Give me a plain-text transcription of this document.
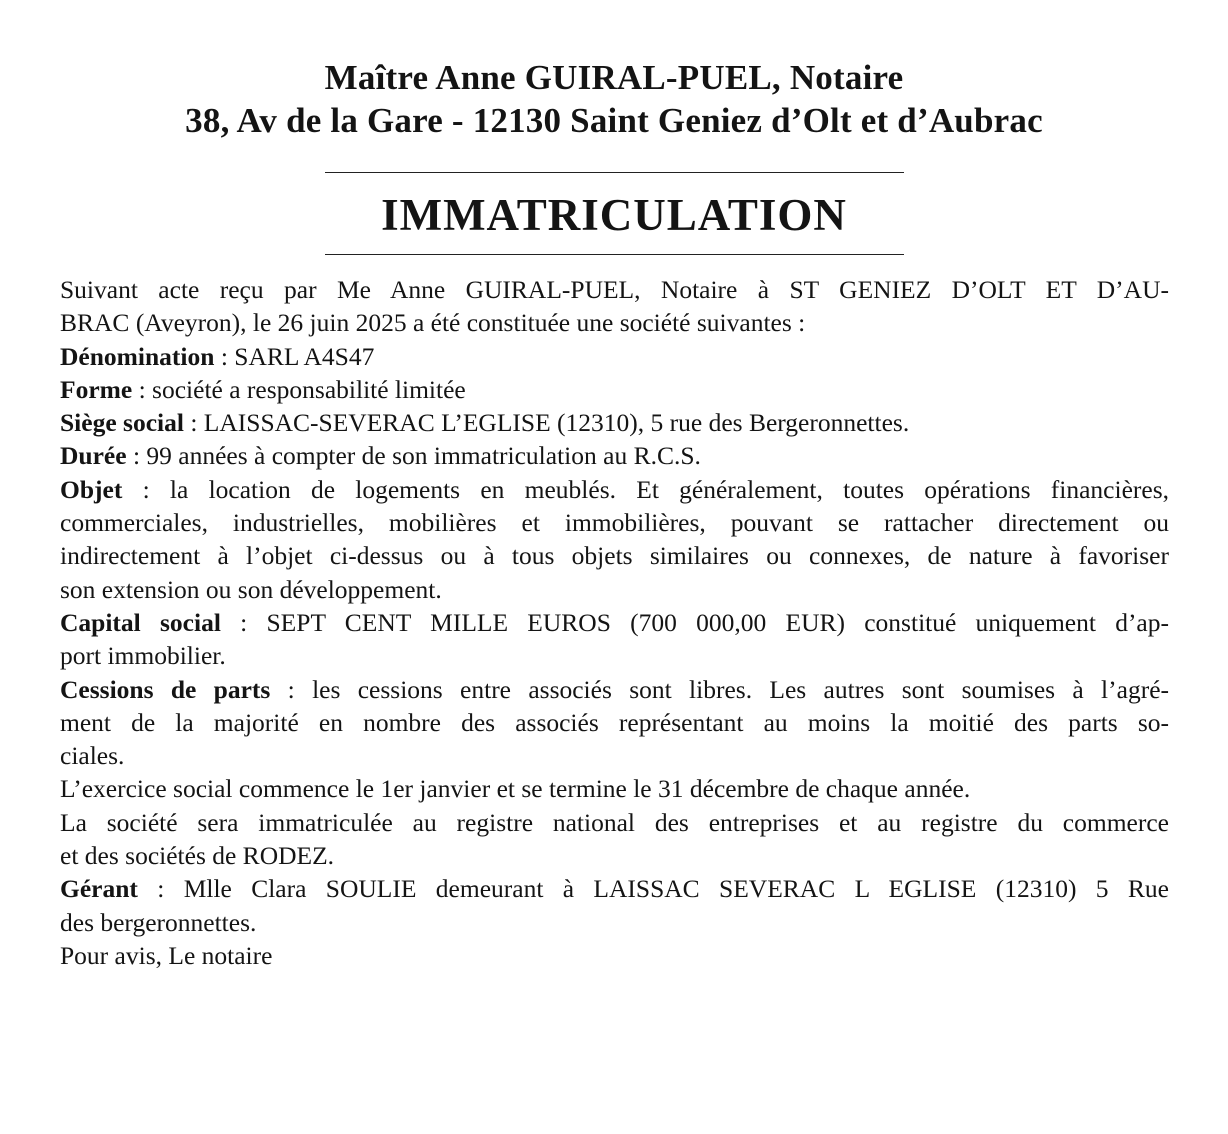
Maître Anne GUIRAL-PUEL, Notaire
38, Av de la Gare - 12130 Saint Geniez d’Olt et d’Aubrac
IMMATRICULATION
Suivant acte reçu par Me Anne GUIRAL-PUEL, Notaire à ST GENIEZ D’OLT ET D’AU-
BRAC (Aveyron), le 26 juin 2025 a été constituée une société suivantes :
Dénomination : SARL A4S47
Forme : société a responsabilité limitée
Siège social : LAISSAC-SEVERAC L’EGLISE (12310), 5 rue des Bergeronnettes.
Durée : 99 années à compter de son immatriculation au R.C.S.
Objet : la location de logements en meublés. Et généralement, toutes opérations financières,
commerciales, industrielles, mobilières et immobilières, pouvant se rattacher directement ou
indirectement à l’objet ci-dessus ou à tous objets similaires ou connexes, de nature à favoriser
son extension ou son développement.
Capital social : SEPT CENT MILLE EUROS (700 000,00 EUR) constitué uniquement d’ap-
port immobilier.
Cessions de parts : les cessions entre associés sont libres. Les autres sont soumises à l’agré-
ment de la majorité en nombre des associés représentant au moins la moitié des parts so-
ciales.
L’exercice social commence le 1er janvier et se termine le 31 décembre de chaque année.
La société sera immatriculée au registre national des entreprises et au registre du commerce
et des sociétés de RODEZ.
Gérant : Mlle Clara SOULIE demeurant à LAISSAC SEVERAC L EGLISE (12310) 5 Rue
des bergeronnettes.
Pour avis, Le notaire
